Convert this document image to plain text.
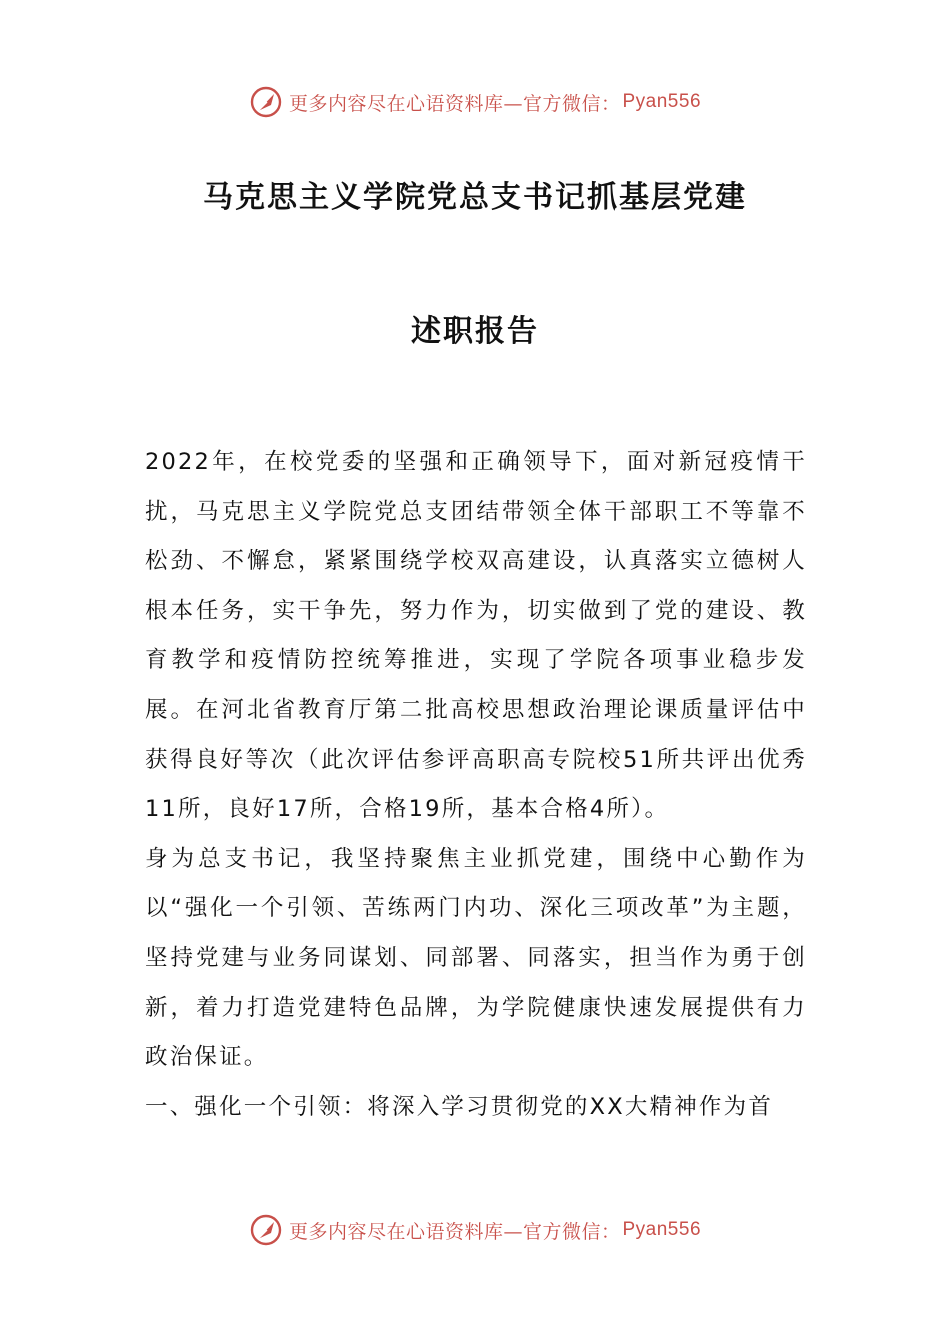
更多内容尽在心语资料库—官方微信： Pyan556
马克思主义学院党总支书记抓基层党建
述职报告

2022年，在校党委的坚强和正确领导下，面对新冠疫情干扰，马克思主义学院党总支团结带领全体干部职工不等靠不松劲、不懈怠，紧紧围绕学校双高建设，认真落实立德树人根本任务，实干争先，努力作为，切实做到了党的建设、教育教学和疫情防控统筹推进，实现了学院各项事业稳步发展。在河北省教育厅第二批高校思想政治理论课质量评估中获得良好等次（此次评估参评高职高专院校51所共评出优秀11所，良好17所，合格19所，基本合格4所）。

身为总支书记，我坚持聚焦主业抓党建，围绕中心勤作为以“强化一个引领、苦练两门内功、深化三项改革”为主题，坚持党建与业务同谋划、同部署、同落实，担当作为勇于创新，着力打造党建特色品牌，为学院健康快速发展提供有力政治保证。

一、强化一个引领：将深入学习贯彻党的XX大精神作为首

更多内容尽在心语资料库—官方微信： Pyan556
